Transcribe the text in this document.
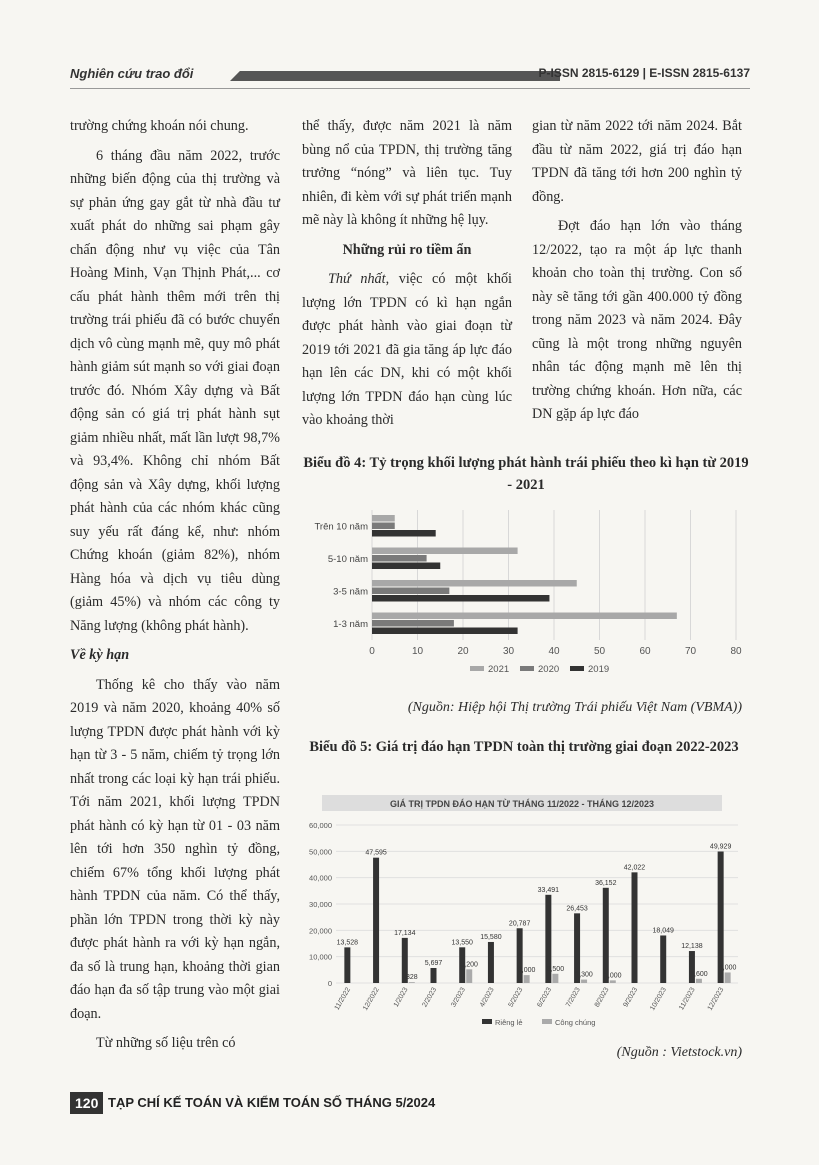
Nghiên cứu trao đổi	P-ISSN 2815-6129 | E-ISSN 2815-6137

trường chứng khoán nói chung.

6 tháng đầu năm 2022, trước những biến động của thị trường và sự phản ứng gay gắt từ nhà đầu tư xuất phát do những sai phạm gây chấn động như vụ việc của Tân Hoàng Minh, Vạn Thịnh Phát,... cơ cấu phát hành thêm mới trên thị trường trái phiếu đã có bước chuyển dịch vô cùng mạnh mẽ, quy mô phát hành giảm sút mạnh so với giai đoạn trước đó. Nhóm Xây dựng và Bất động sản có giá trị phát hành sụt giảm nhiều nhất, mất lần lượt 98,7% và 93,4%. Không chỉ nhóm Bất động sản và Xây dựng, khối lượng phát hành của các nhóm khác cũng suy yếu rất đáng kể, như: nhóm Chứng khoán (giảm 82%), nhóm Hàng hóa và dịch vụ tiêu dùng (giảm 45%) và nhóm các công ty Năng lượng (không phát hành).

Về kỳ hạn

Thống kê cho thấy vào năm 2019 và năm 2020, khoảng 40% số lượng TPDN được phát hành với kỳ hạn từ 3 - 5 năm, chiếm tỷ trọng lớn nhất trong các loại kỳ hạn trái phiếu. Tới năm 2021, khối lượng TPDN phát hành có kỳ hạn từ 01 - 03 năm lên tới hơn 350 nghìn tỷ đồng, chiếm 67% tổng khối lượng phát hành TPDN của năm. Có thể thấy, phần lớn TPDN trong thời kỳ này được phát hành ra với kỳ hạn ngắn, đa số là trung hạn, khoảng thời gian đáo hạn đa số tập trung vào một giai đoạn.

Từ những số liệu trên có

thể thấy, được năm 2021 là năm bùng nổ của TPDN, thị trường tăng trưởng “nóng” và liên tục. Tuy nhiên, đi kèm với sự phát triển mạnh mẽ này là không ít những hệ lụy.

Những rủi ro tiềm ẩn

Thứ nhất, việc có một khối lượng lớn TPDN có kì hạn ngắn được phát hành vào giai đoạn từ 2019 tới 2021 đã gia tăng áp lực đáo hạn lên các DN, khi có một khối lượng lớn TPDN đáo hạn cùng lúc vào khoảng thời

gian từ năm 2022 tới năm 2024. Bắt đầu từ năm 2022, giá trị đáo hạn TPDN đã tăng tới hơn 200 nghìn tỷ đồng.

Đợt đáo hạn lớn vào tháng 12/2022, tạo ra một áp lực thanh khoản cho toàn thị trường. Con số này sẽ tăng tới gần 400.000 tỷ đồng trong năm 2023 và năm 2024. Đây cũng là một trong những nguyên nhân tác động mạnh mẽ lên thị trường chứng khoán. Hơn nữa, các DN gặp áp lực đáo

Biểu đồ 4: Tỷ trọng khối lượng phát hành trái phiếu theo kì hạn từ 2019 - 2021
0	10	20	30	40	50	60	70	80
1-3 năm
3-5 năm
5-10 năm
Trên 10 năm
2021	2020	2019
(Nguồn: Hiệp hội Thị trường Trái phiếu Việt Nam (VBMA))
Biểu đồ 5: Giá trị đáo hạn TPDN toàn thị trường giai đoạn 2022-2023
GIÁ TRỊ TPDN ĐÁO HẠN TỪ THÁNG 11/2022 - THÁNG 12/2023
0
10,000
20,000
30,000
40,000
50,000
60,000
13,528
11/2022
47,595
12/2022
17,134
328
1/2023
5,697
2/2023
13,550
5,200
3/2023
15,580
4/2023
20,787
3,000
5/2023
33,491
3,500
6/2023
26,453
1,300
7/2023
36,152
1,000
8/2023
42,022
9/2023
18,049
10/2023
12,138
1,600
11/2023
49,929
4,000
12/2023
Riêng lẻ	Công chúng
(Nguồn : Vietstock.vn)
120 TẠP CHÍ KẾ TOÁN VÀ KIỂM TOÁN SỐ THÁNG 5/2024
